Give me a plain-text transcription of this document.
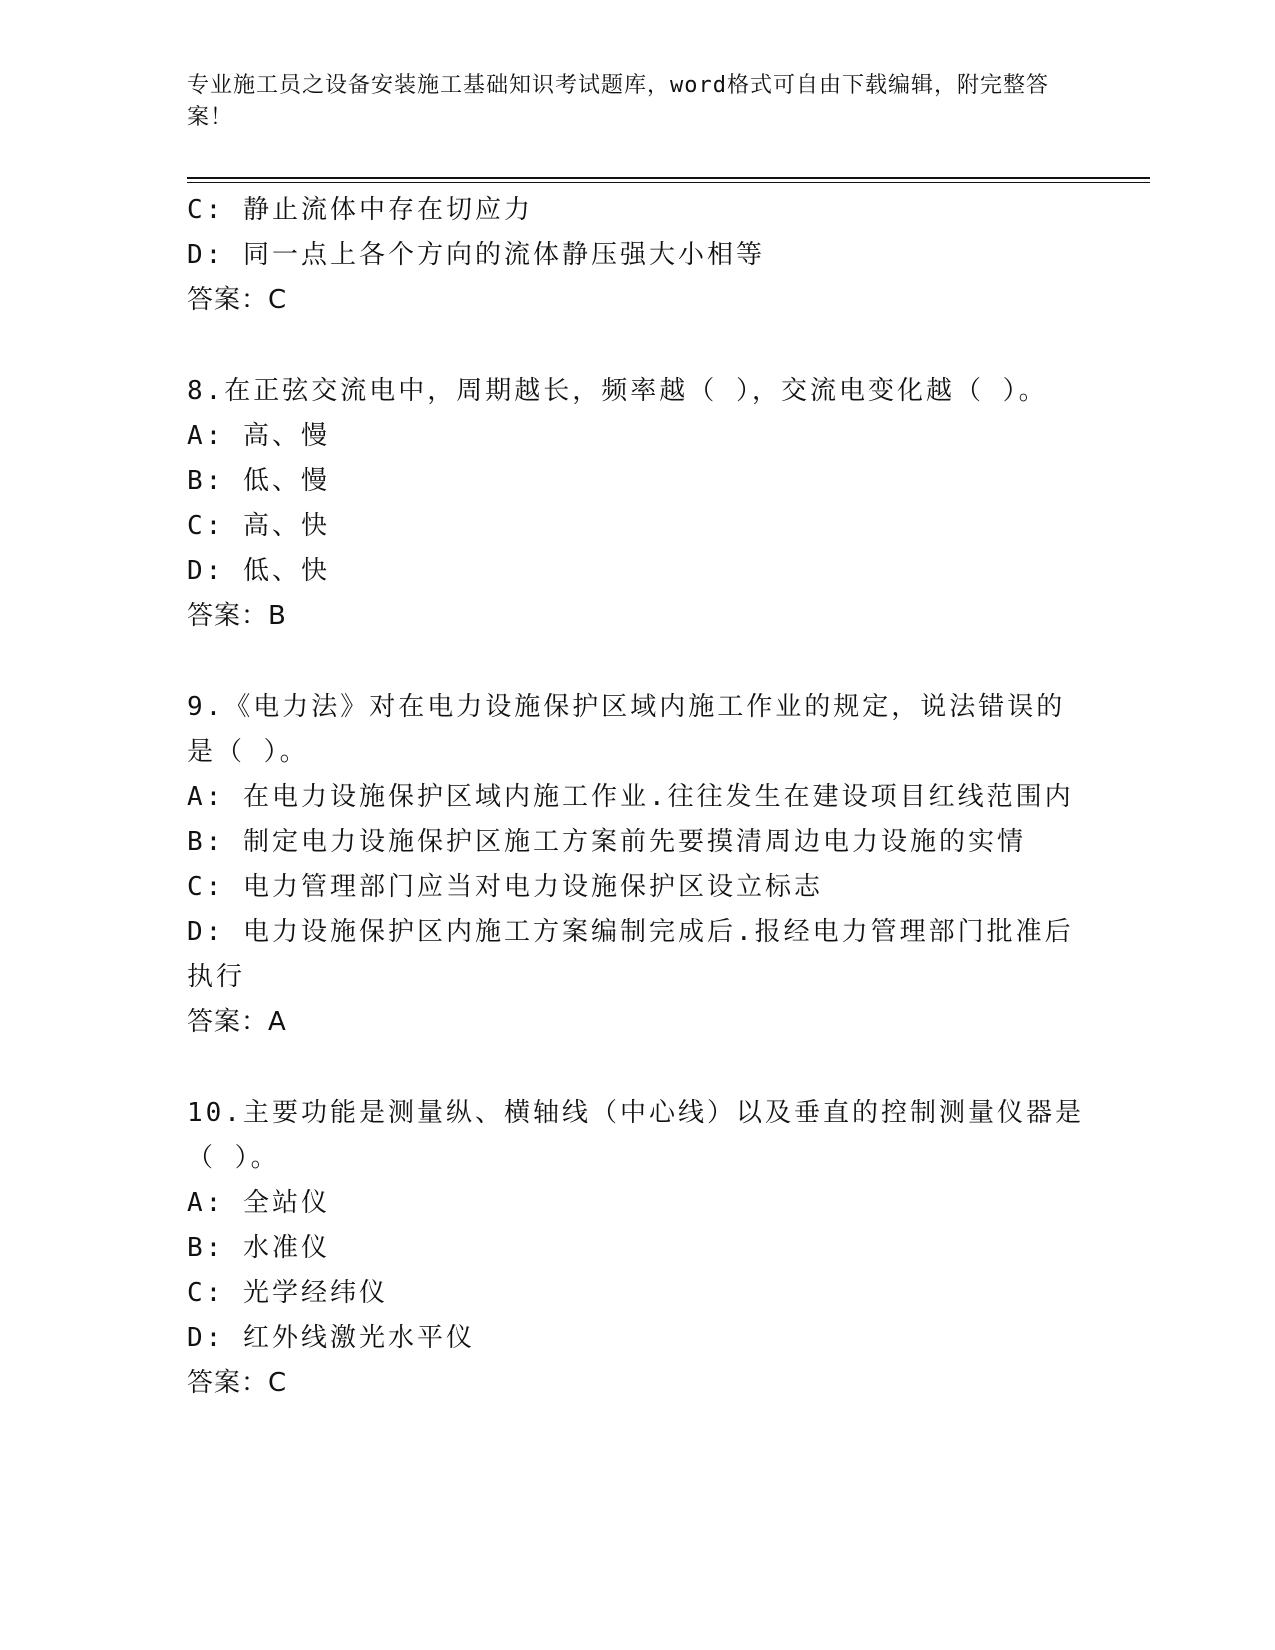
专业施工员之设备安装施工基础知识考试题库，word格式可自由下载编辑，附完整答案！
C: 静止流体中存在切应力
D: 同一点上各个方向的流体静压强大小相等
答案：C
8.在正弦交流电中，周期越长，频率越（ ），交流电变化越（ ）。
A: 高、慢
B: 低、慢
C: 高、快
D: 低、快
答案：B
9.《电力法》对在电力设施保护区域内施工作业的规定，说法错误的
是（ ）。
A: 在电力设施保护区域内施工作业.往往发生在建设项目红线范围内
B: 制定电力设施保护区施工方案前先要摸清周边电力设施的实情
C: 电力管理部门应当对电力设施保护区设立标志
D: 电力设施保护区内施工方案编制完成后.报经电力管理部门批准后
执行
答案：A
10.主要功能是测量纵、横轴线（中心线）以及垂直的控制测量仪器是
（ ）。
A: 全站仪
B: 水准仪
C: 光学经纬仪
D: 红外线激光水平仪
答案：C
